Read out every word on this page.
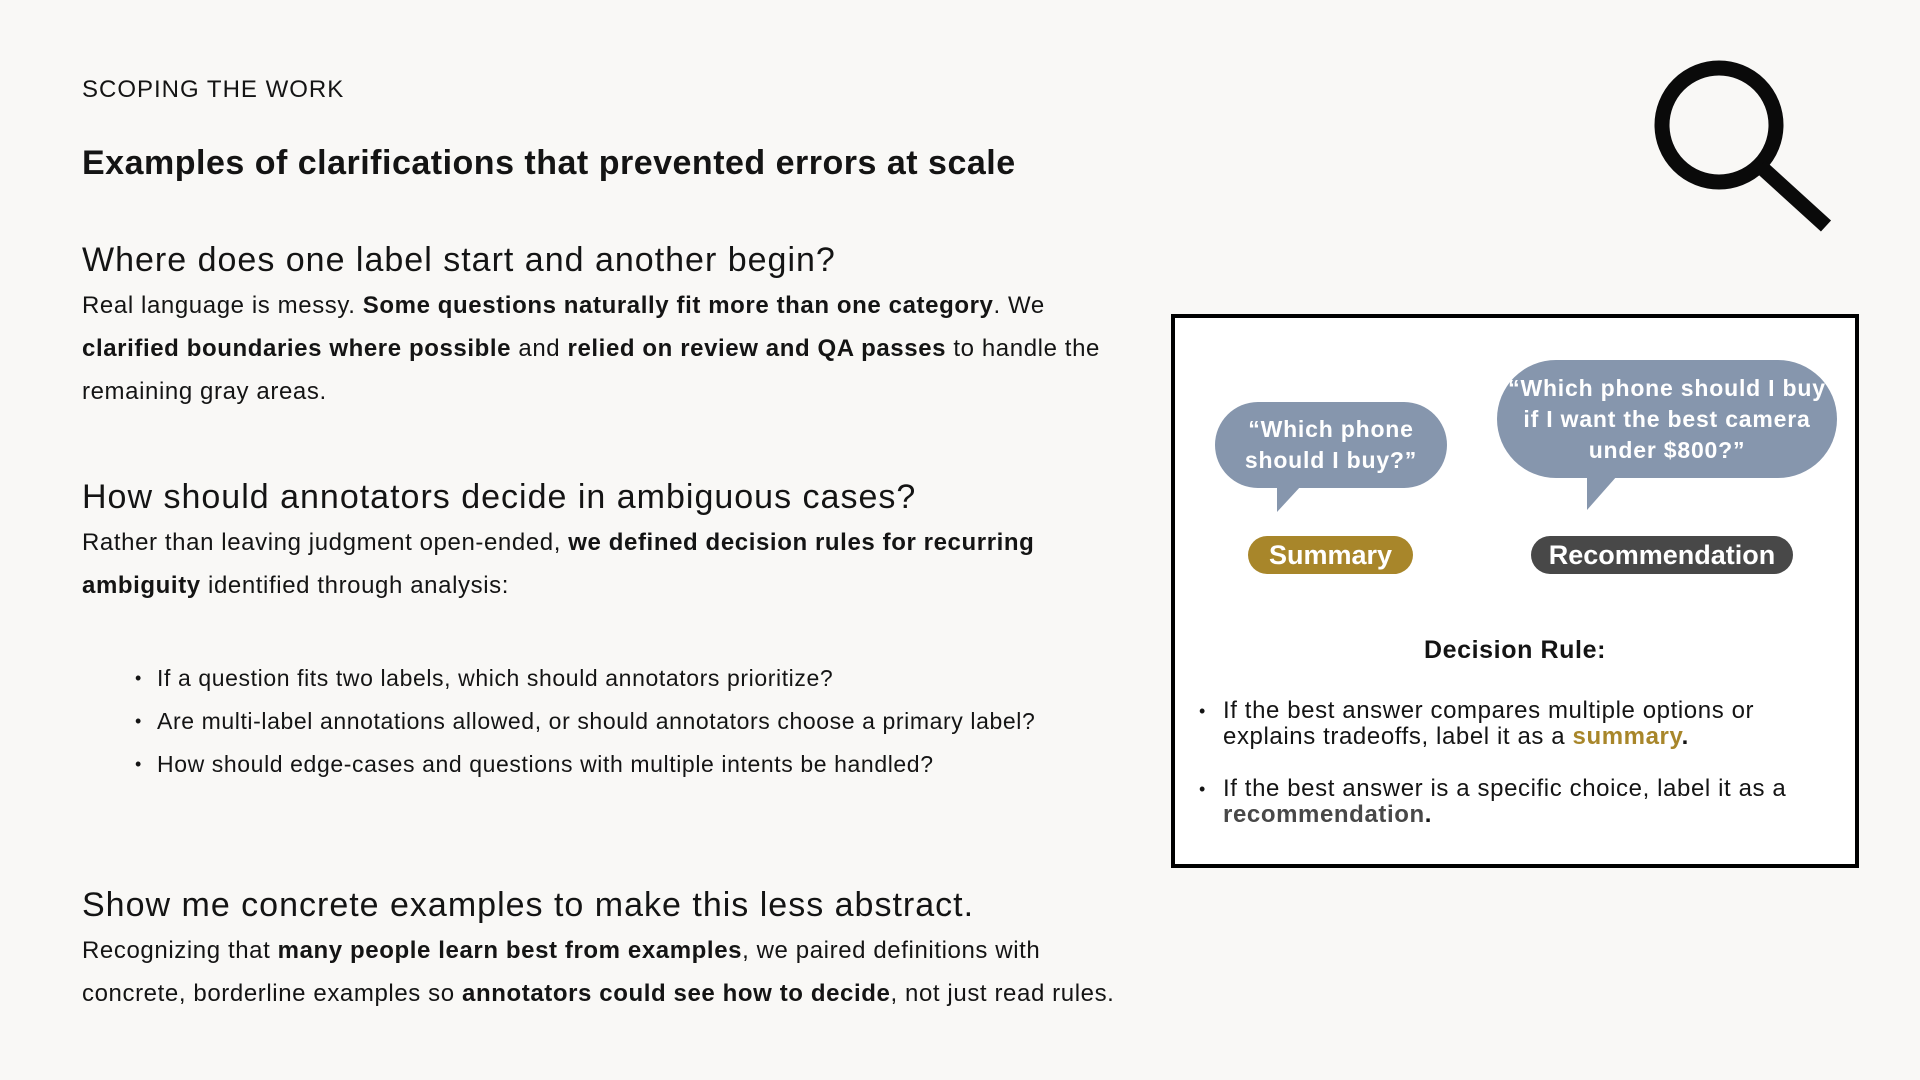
SCOPING THE WORK
Examples of clarifications that prevented errors at scale
Where does one label start and another begin?

Real language is messy. Some questions naturally fit more than one category. We clarified boundaries where possible and relied on review and QA passes to handle the remaining gray areas.

How should annotators decide in ambiguous cases?

Rather than leaving judgment open-ended, we defined decision rules for recurring ambiguity identified through analysis:

• If a question fits two labels, which should annotators prioritize?
• Are multi-label annotations allowed, or should annotators choose a primary label?
• How should edge-cases and questions with multiple intents be handled?
Show me concrete examples to make this less abstract.

Recognizing that many people learn best from examples, we paired definitions with concrete, borderline examples so annotators could see how to decide, not just read rules.

“Which phone should I buy?”
“Which phone should I buy if I want the best camera under $800?”
Summary	Recommendation
Decision Rule:
• If the best answer compares multiple options or explains tradeoffs, label it as a summary.
• If the best answer is a specific choice, label it as a recommendation.
